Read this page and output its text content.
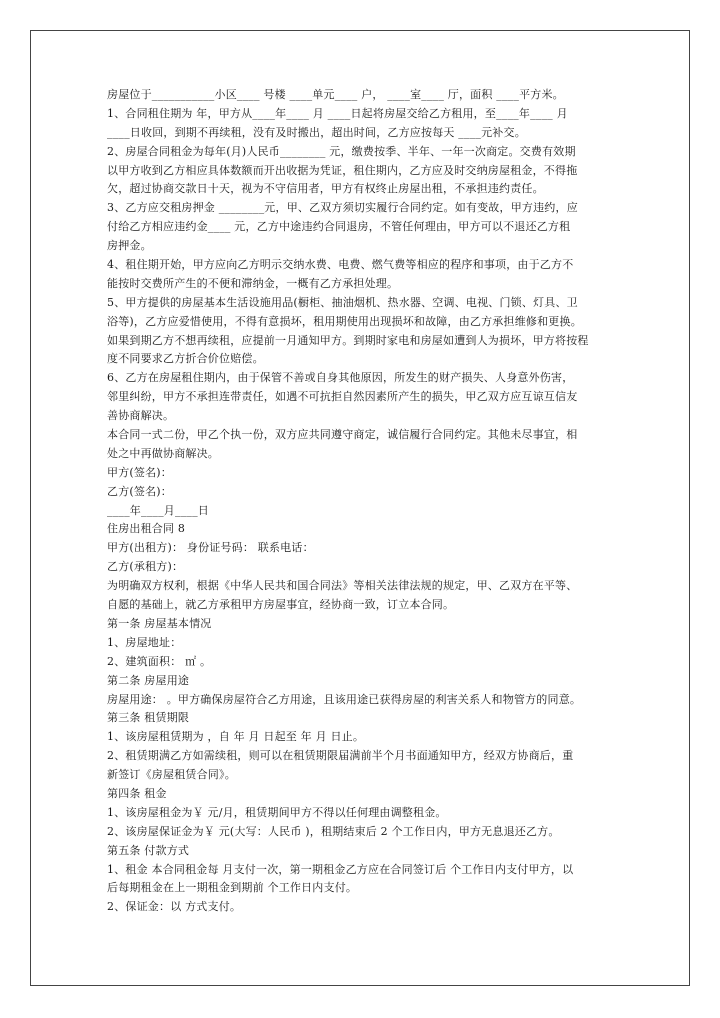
房屋位于___________小区____ 号楼 ____单元____ 户， ____室____ 厅，面积 ____平方米。
1、合同租住期为 年，甲方从____年____ 月 ____日起将房屋交给乙方租用，至____年____ 月
____日收回，到期不再续租，没有及时搬出，超出时间，乙方应按每天 ____元补交。
2、房屋合同租金为每年(月)人民币________ 元，缴费按季、半年、一年一次商定。交费有效期
以甲方收到乙方相应具体数额而开出收据为凭证，租住期内，乙方应及时交纳房屋租金，不得拖
欠，超过协商交款日十天，视为不守信用者，甲方有权终止房屋出租，不承担违约责任。
3、乙方应交租房押金 ________元，甲、乙双方须切实履行合同约定。如有变故，甲方违约，应
付给乙方相应违约金____ 元，乙方中途违约合同退房，不管任何理由，甲方可以不退还乙方租
房押金。
4、租住期开始，甲方应向乙方明示交纳水费、电费、燃气费等相应的程序和事项，由于乙方不
能按时交费所产生的不便和滞纳金，一概有乙方承担处理。
5、甲方提供的房屋基本生活设施用品(橱柜、抽油烟机、热水器、空调、电视、门锁、灯具、卫
浴等)，乙方应爱惜使用，不得有意损坏，租用期使用出现损坏和故障，由乙方承担维修和更换。
如果到期乙方不想再续租，应提前一月通知甲方。到期时家电和房屋如遭到人为损坏，甲方将按程
度不同要求乙方折合价位赔偿。
6、乙方在房屋租住期内，由于保管不善或自身其他原因，所发生的财产损失、人身意外伤害，
邻里纠纷，甲方不承担连带责任，如遇不可抗拒自然因素所产生的损失，甲乙双方应互谅互信友
善协商解决。
本合同一式二份，甲乙个执一份，双方应共同遵守商定，诚信履行合同约定。其他未尽事宜，相
处之中再做协商解决。
甲方(签名)：
乙方(签名)：
____年____月____日
住房出租合同 8
甲方(出租方)： 身份证号码： 联系电话：
乙方(承租方)：
为明确双方权利，根据《中华人民共和国合同法》等相关法律法规的规定，甲、乙双方在平等、
自愿的基础上，就乙方承租甲方房屋事宜，经协商一致，订立本合同。
第一条 房屋基本情况
1、房屋地址：
2、建筑面积： ㎡ 。
第二条 房屋用途
房屋用途： 。甲方确保房屋符合乙方用途，且该用途已获得房屋的利害关系人和物管方的同意。
第三条 租赁期限
1、该房屋租赁期为 ，自 年 月 日起至 年 月 日止。
2、租赁期满乙方如需续租，则可以在租赁期限届满前半个月书面通知甲方，经双方协商后，重
新签订《房屋租赁合同》。
第四条 租金
1、该房屋租金为￥ 元/月，租赁期间甲方不得以任何理由调整租金。
2、该房屋保证金为￥ 元(大写：人民币 )，租期结束后 2 个工作日内，甲方无息退还乙方。
第五条 付款方式
1、租金 本合同租金每 月支付一次，第一期租金乙方应在合同签订后 个工作日内支付甲方，以
后每期租金在上一期租金到期前 个工作日内支付。
2、保证金：以 方式支付。
